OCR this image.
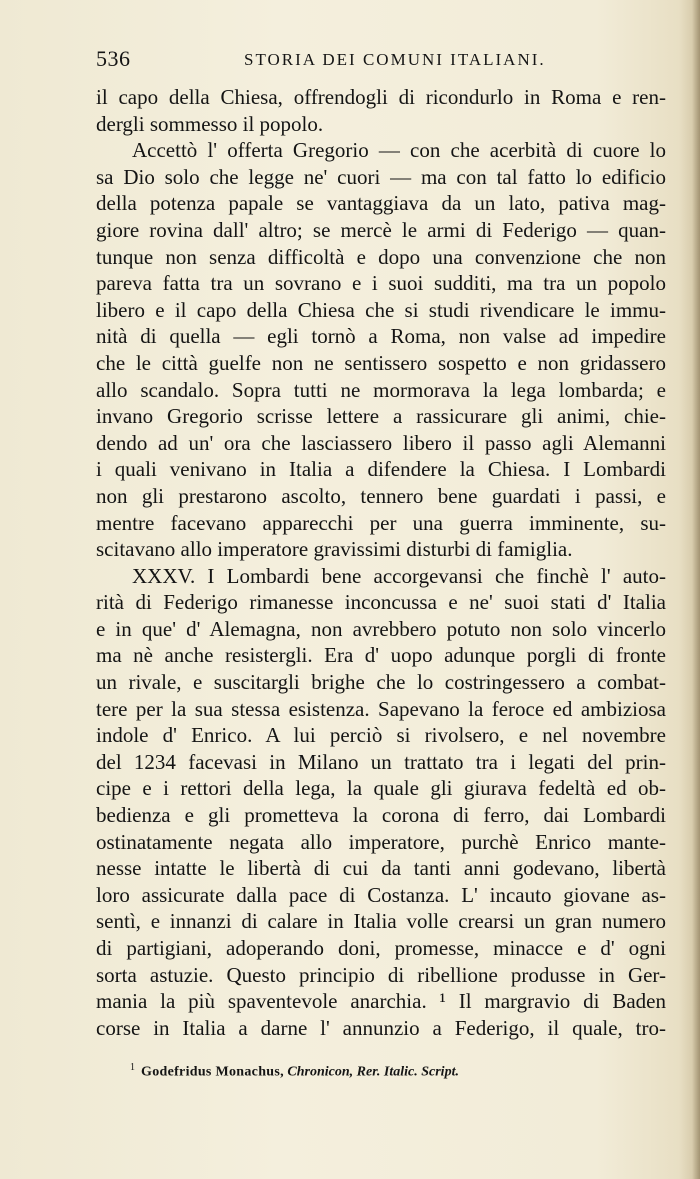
536	STORIA DEI COMUNI ITALIANI.
il capo della Chiesa, offrendogli di ricondurlo in Roma e ren-
dergli sommesso il popolo.
Accettò l' offerta Gregorio — con che acerbità di cuore lo
sa Dio solo che legge ne' cuori — ma con tal fatto lo edificio
della potenza papale se vantaggiava da un lato, pativa mag-
giore rovina dall' altro; se mercè le armi di Federigo — quan-
tunque non senza difficoltà e dopo una convenzione che non
pareva fatta tra un sovrano e i suoi sudditi, ma tra un popolo
libero e il capo della Chiesa che si studi rivendicare le immu-
nità di quella — egli tornò a Roma, non valse ad impedire
che le città guelfe non ne sentissero sospetto e non gridassero
allo scandalo. Sopra tutti ne mormorava la lega lombarda; e
invano Gregorio scrisse lettere a rassicurare gli animi, chie-
dendo ad un' ora che lasciassero libero il passo agli Alemanni
i quali venivano in Italia a difendere la Chiesa. I Lombardi
non gli prestarono ascolto, tennero bene guardati i passi, e
mentre facevano apparecchi per una guerra imminente, su-
scitavano allo imperatore gravissimi disturbi di famiglia.
XXXV. I Lombardi bene accorgevansi che finchè l' auto-
rità di Federigo rimanesse inconcussa e ne' suoi stati d' Italia
e in que' d' Alemagna, non avrebbero potuto non solo vincerlo
ma nè anche resistergli. Era d' uopo adunque porgli di fronte
un rivale, e suscitargli brighe che lo costringessero a combat-
tere per la sua stessa esistenza. Sapevano la feroce ed ambiziosa
indole d' Enrico. A lui perciò si rivolsero, e nel novembre
del 1234 facevasi in Milano un trattato tra i legati del prin-
cipe e i rettori della lega, la quale gli giurava fedeltà ed ob-
bedienza e gli prometteva la corona di ferro, dai Lombardi
ostinatamente negata allo imperatore, purchè Enrico mante-
nesse intatte le libertà di cui da tanti anni godevano, libertà
loro assicurate dalla pace di Costanza. L' incauto giovane as-
sentì, e innanzi di calare in Italia volle crearsi un gran numero
di partigiani, adoperando doni, promesse, minacce e d' ogni
sorta astuzie. Questo principio di ribellione produsse in Ger-
mania la più spaventevole anarchia. ¹ Il margravio di Baden
corse in Italia a darne l' annunzio a Federigo, il quale, tro-
$^1$ Godefridus Monachus, Chronicon, Rer. Italic. Script.
